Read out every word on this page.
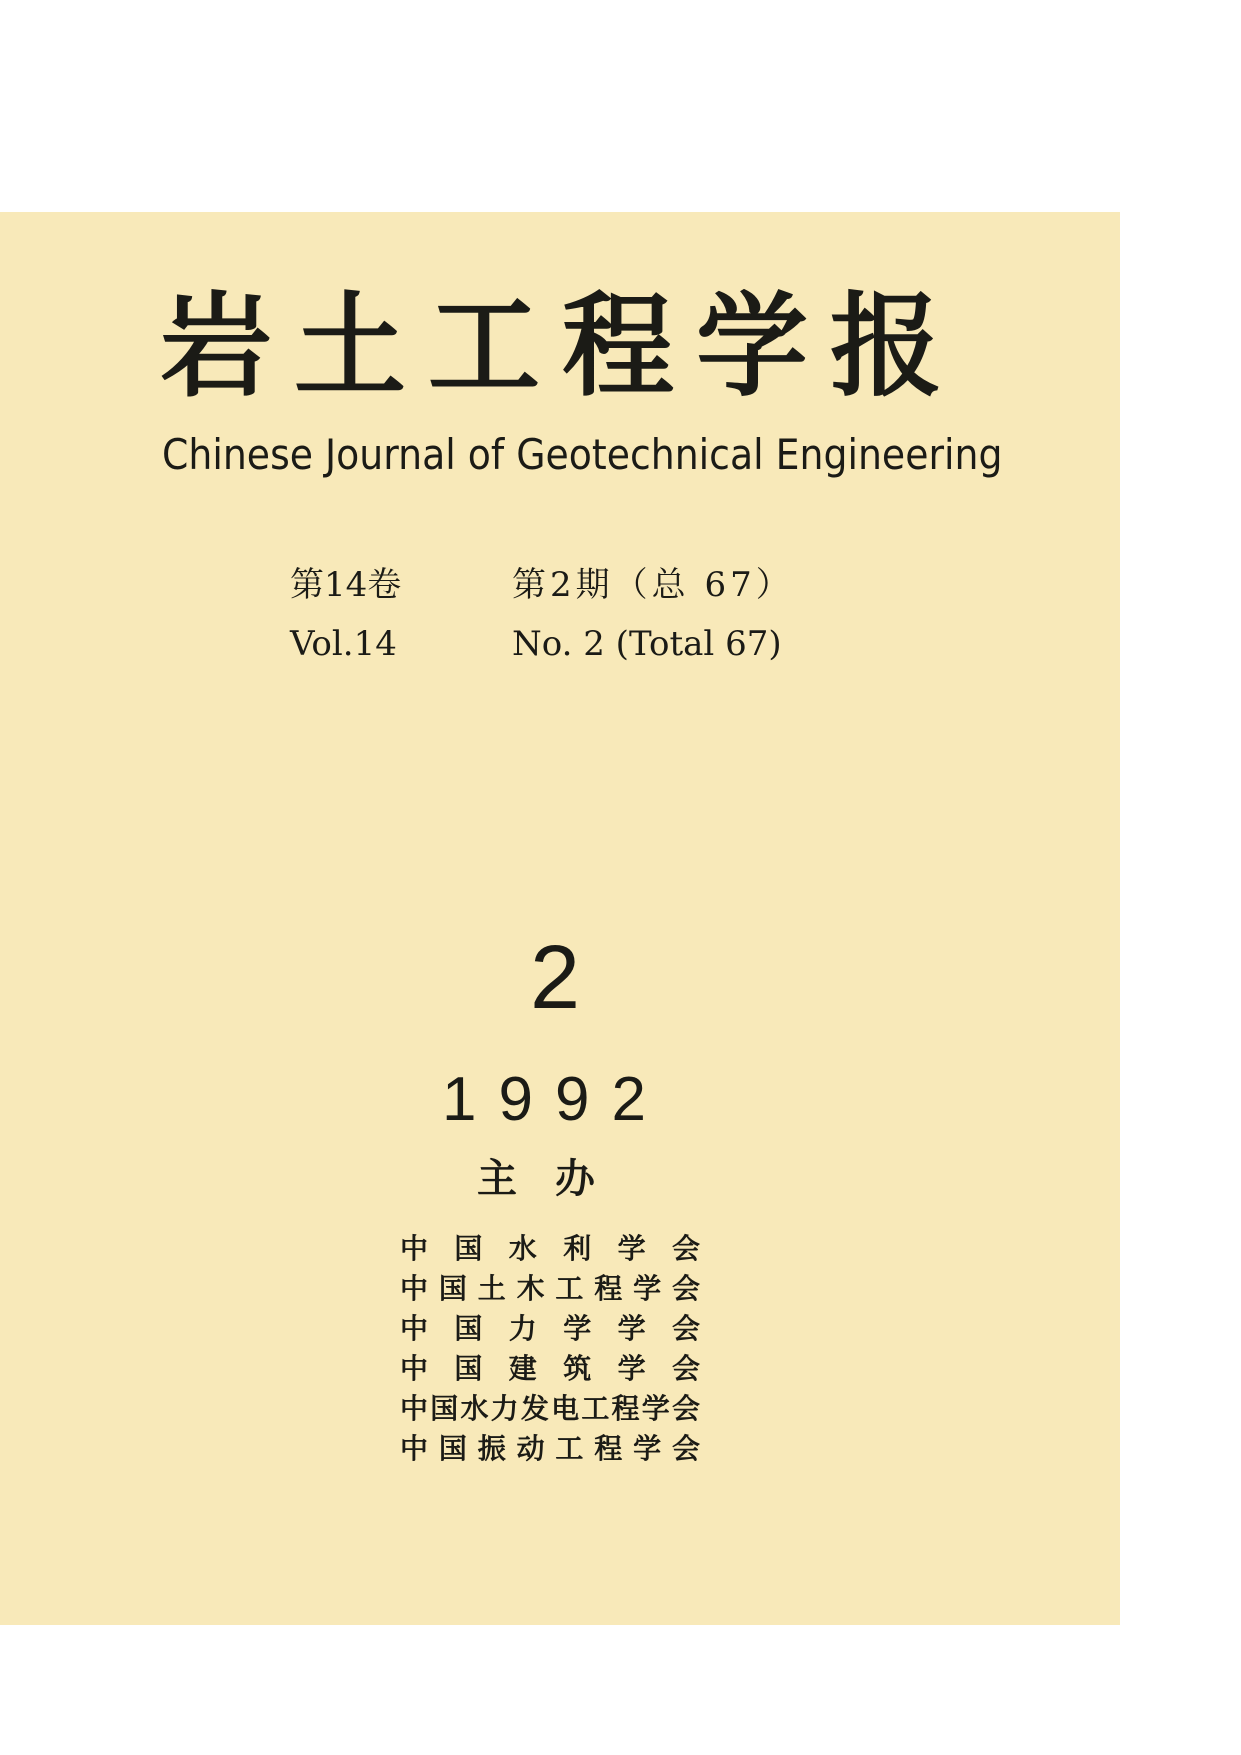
岩土工程学报
Chinese Journal of Geotechnical Engineering
第14卷	第2期（总 67）
Vol.14	No. 2 (Total 67)
2
1992
主办
中国水利学会
中国土木工程学会
中国力学学会
中国建筑学会
中国水力发电工程学会
中国振动工程学会
